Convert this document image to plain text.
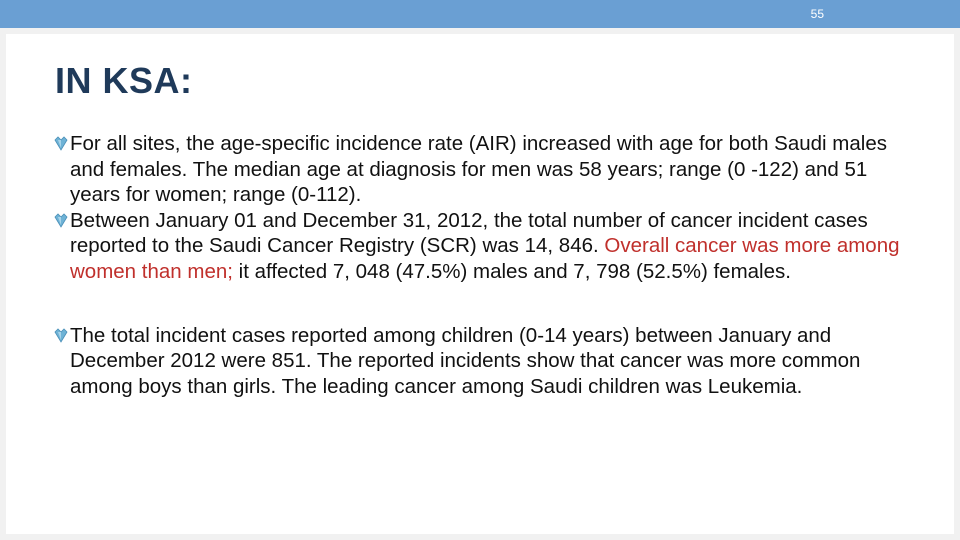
55
IN KSA:

For all sites, the age-specific incidence rate (AIR) increased with age for both Saudi males and females. The median age at diagnosis for men was 58 years; range (0 -122) and 51 years for women; range (0-112).

Between January 01 and December 31, 2012, the total number of cancer incident cases reported to the Saudi Cancer Registry (SCR) was 14, 846. Overall cancer was more among women than men; it affected 7, 048 (47.5%) males and 7, 798 (52.5%) females.

The total incident cases reported among children (0-14 years) between January and December 2012 were 851. The reported incidents show that cancer was more common among boys than girls. The leading cancer among Saudi children was Leukemia.
